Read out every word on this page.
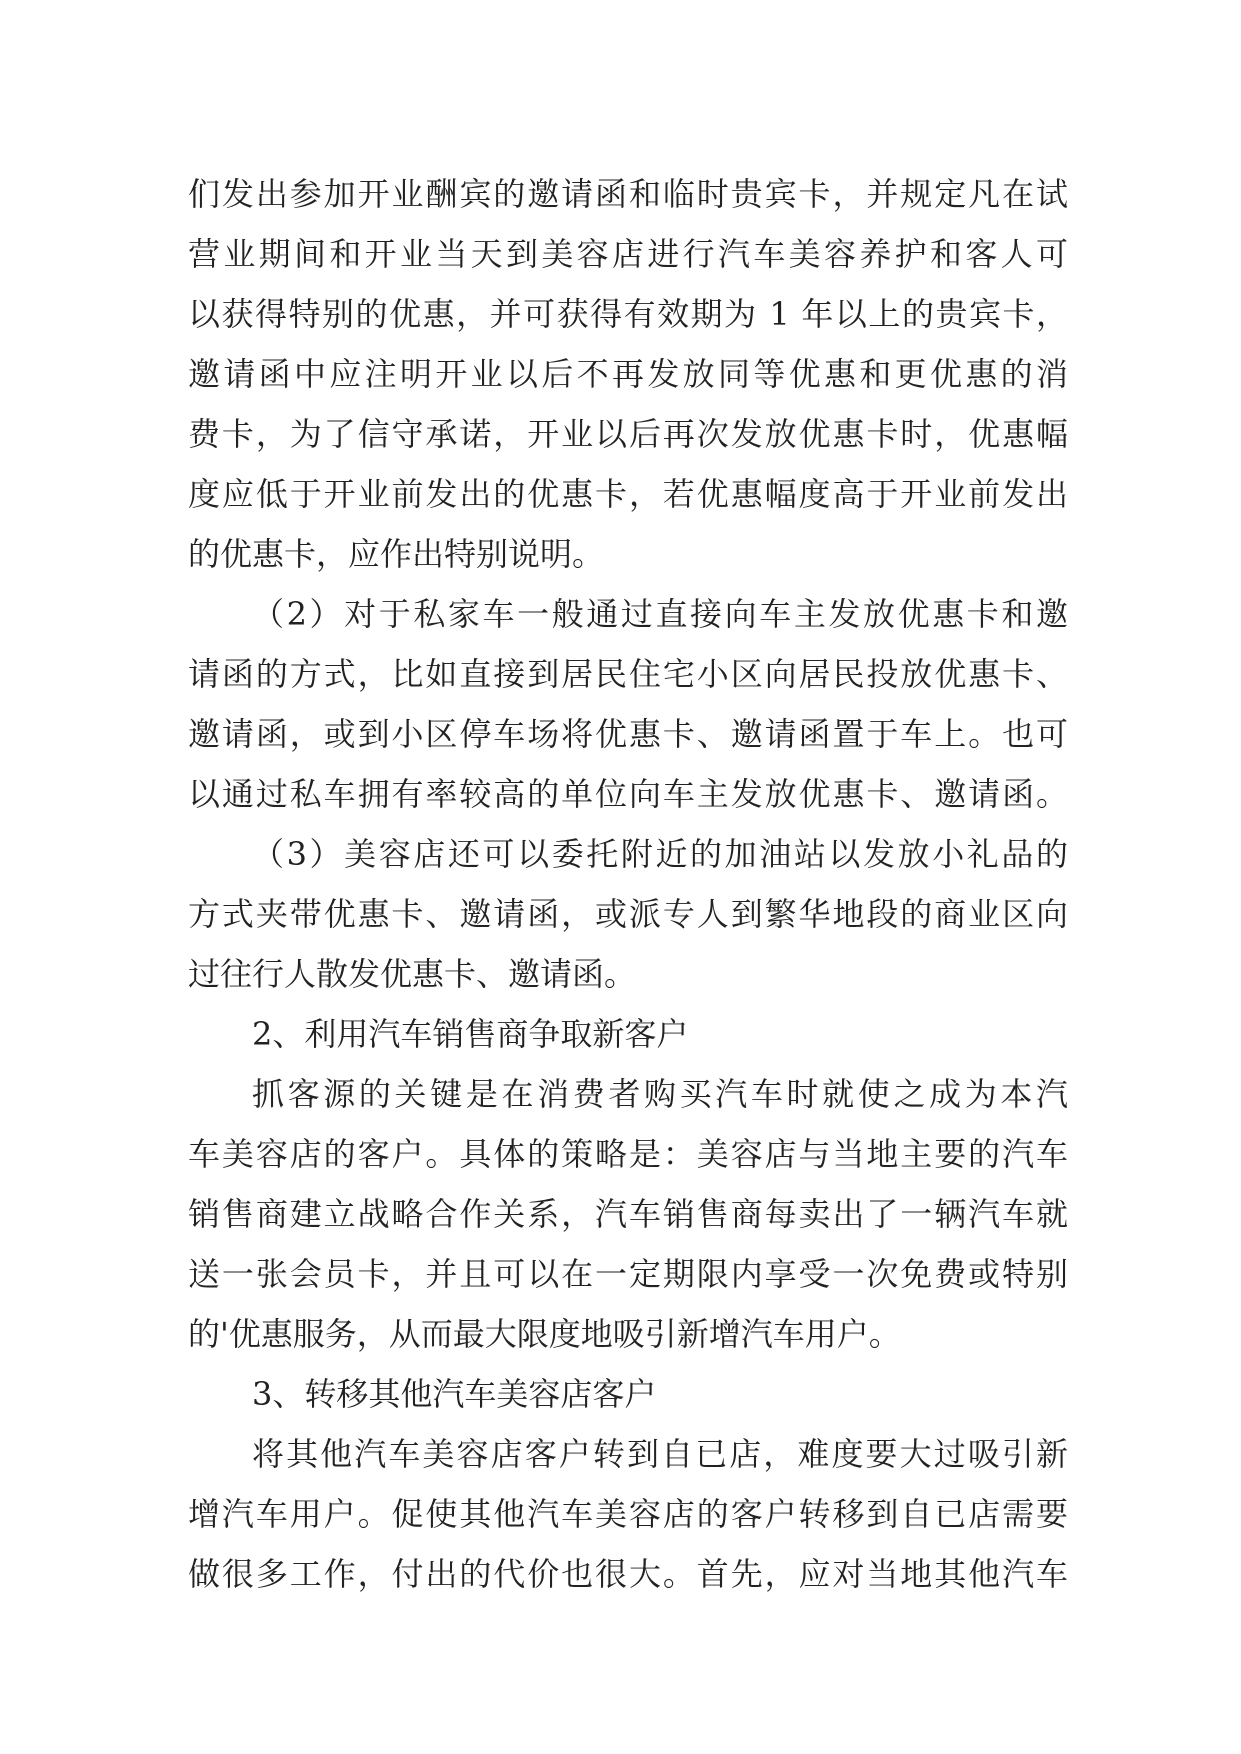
们发出参加开业酬宾的邀请函和临时贵宾卡，并规定凡在试
营业期间和开业当天到美容店进行汽车美容养护和客人可
以获得特别的优惠，并可获得有效期为 1 年以上的贵宾卡，
邀请函中应注明开业以后不再发放同等优惠和更优惠的消
费卡，为了信守承诺，开业以后再次发放优惠卡时，优惠幅
度应低于开业前发出的优惠卡，若优惠幅度高于开业前发出
的优惠卡，应作出特别说明。
（2）对于私家车一般通过直接向车主发放优惠卡和邀
请函的方式，比如直接到居民住宅小区向居民投放优惠卡、
邀请函，或到小区停车场将优惠卡、邀请函置于车上。也可
以通过私车拥有率较高的单位向车主发放优惠卡、邀请函。
（3）美容店还可以委托附近的加油站以发放小礼品的
方式夹带优惠卡、邀请函，或派专人到繁华地段的商业区向
过往行人散发优惠卡、邀请函。
2、利用汽车销售商争取新客户
抓客源的关键是在消费者购买汽车时就使之成为本汽
车美容店的客户。具体的策略是：美容店与当地主要的汽车
销售商建立战略合作关系，汽车销售商每卖出了一辆汽车就
送一张会员卡，并且可以在一定期限内享受一次免费或特别
的'优惠服务，从而最大限度地吸引新增汽车用户。
3、转移其他汽车美容店客户
将其他汽车美容店客户转到自已店，难度要大过吸引新
增汽车用户。促使其他汽车美容店的客户转移到自已店需要
做很多工作，付出的代价也很大。首先，应对当地其他汽车
